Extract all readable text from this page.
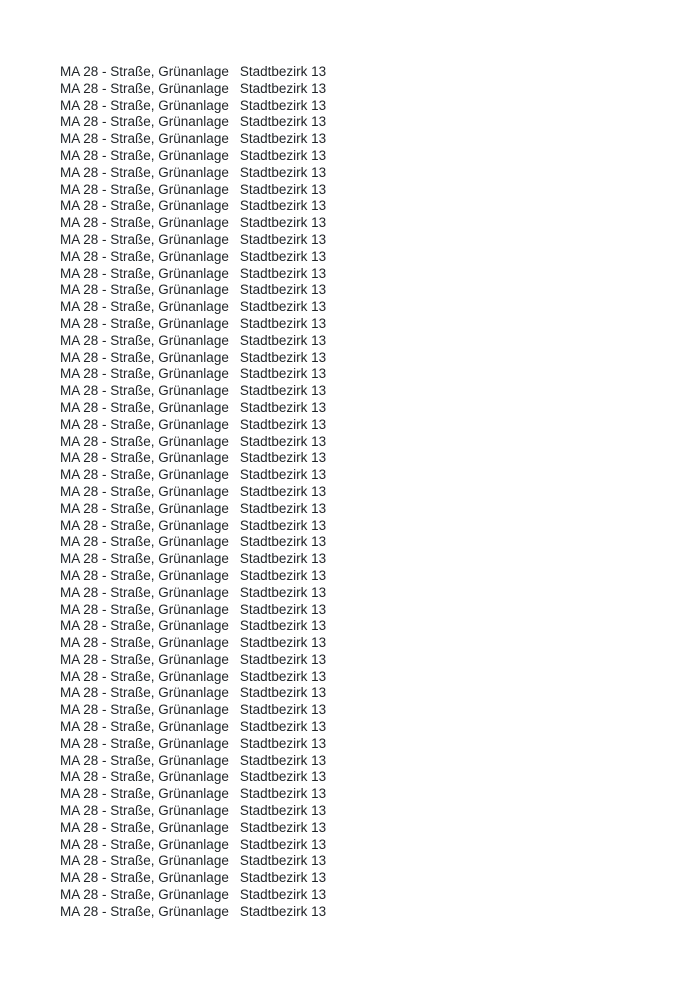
MA 28 - Straße, Grünanlage Stadtbezirk 13
MA 28 - Straße, Grünanlage Stadtbezirk 13
MA 28 - Straße, Grünanlage Stadtbezirk 13
MA 28 - Straße, Grünanlage Stadtbezirk 13
MA 28 - Straße, Grünanlage Stadtbezirk 13
MA 28 - Straße, Grünanlage Stadtbezirk 13
MA 28 - Straße, Grünanlage Stadtbezirk 13
MA 28 - Straße, Grünanlage Stadtbezirk 13
MA 28 - Straße, Grünanlage Stadtbezirk 13
MA 28 - Straße, Grünanlage Stadtbezirk 13
MA 28 - Straße, Grünanlage Stadtbezirk 13
MA 28 - Straße, Grünanlage Stadtbezirk 13
MA 28 - Straße, Grünanlage Stadtbezirk 13
MA 28 - Straße, Grünanlage Stadtbezirk 13
MA 28 - Straße, Grünanlage Stadtbezirk 13
MA 28 - Straße, Grünanlage Stadtbezirk 13
MA 28 - Straße, Grünanlage Stadtbezirk 13
MA 28 - Straße, Grünanlage Stadtbezirk 13
MA 28 - Straße, Grünanlage Stadtbezirk 13
MA 28 - Straße, Grünanlage Stadtbezirk 13
MA 28 - Straße, Grünanlage Stadtbezirk 13
MA 28 - Straße, Grünanlage Stadtbezirk 13
MA 28 - Straße, Grünanlage Stadtbezirk 13
MA 28 - Straße, Grünanlage Stadtbezirk 13
MA 28 - Straße, Grünanlage Stadtbezirk 13
MA 28 - Straße, Grünanlage Stadtbezirk 13
MA 28 - Straße, Grünanlage Stadtbezirk 13
MA 28 - Straße, Grünanlage Stadtbezirk 13
MA 28 - Straße, Grünanlage Stadtbezirk 13
MA 28 - Straße, Grünanlage Stadtbezirk 13
MA 28 - Straße, Grünanlage Stadtbezirk 13
MA 28 - Straße, Grünanlage Stadtbezirk 13
MA 28 - Straße, Grünanlage Stadtbezirk 13
MA 28 - Straße, Grünanlage Stadtbezirk 13
MA 28 - Straße, Grünanlage Stadtbezirk 13
MA 28 - Straße, Grünanlage Stadtbezirk 13
MA 28 - Straße, Grünanlage Stadtbezirk 13
MA 28 - Straße, Grünanlage Stadtbezirk 13
MA 28 - Straße, Grünanlage Stadtbezirk 13
MA 28 - Straße, Grünanlage Stadtbezirk 13
MA 28 - Straße, Grünanlage Stadtbezirk 13
MA 28 - Straße, Grünanlage Stadtbezirk 13
MA 28 - Straße, Grünanlage Stadtbezirk 13
MA 28 - Straße, Grünanlage Stadtbezirk 13
MA 28 - Straße, Grünanlage Stadtbezirk 13
MA 28 - Straße, Grünanlage Stadtbezirk 13
MA 28 - Straße, Grünanlage Stadtbezirk 13
MA 28 - Straße, Grünanlage Stadtbezirk 13
MA 28 - Straße, Grünanlage Stadtbezirk 13
MA 28 - Straße, Grünanlage Stadtbezirk 13
MA 28 - Straße, Grünanlage Stadtbezirk 13
